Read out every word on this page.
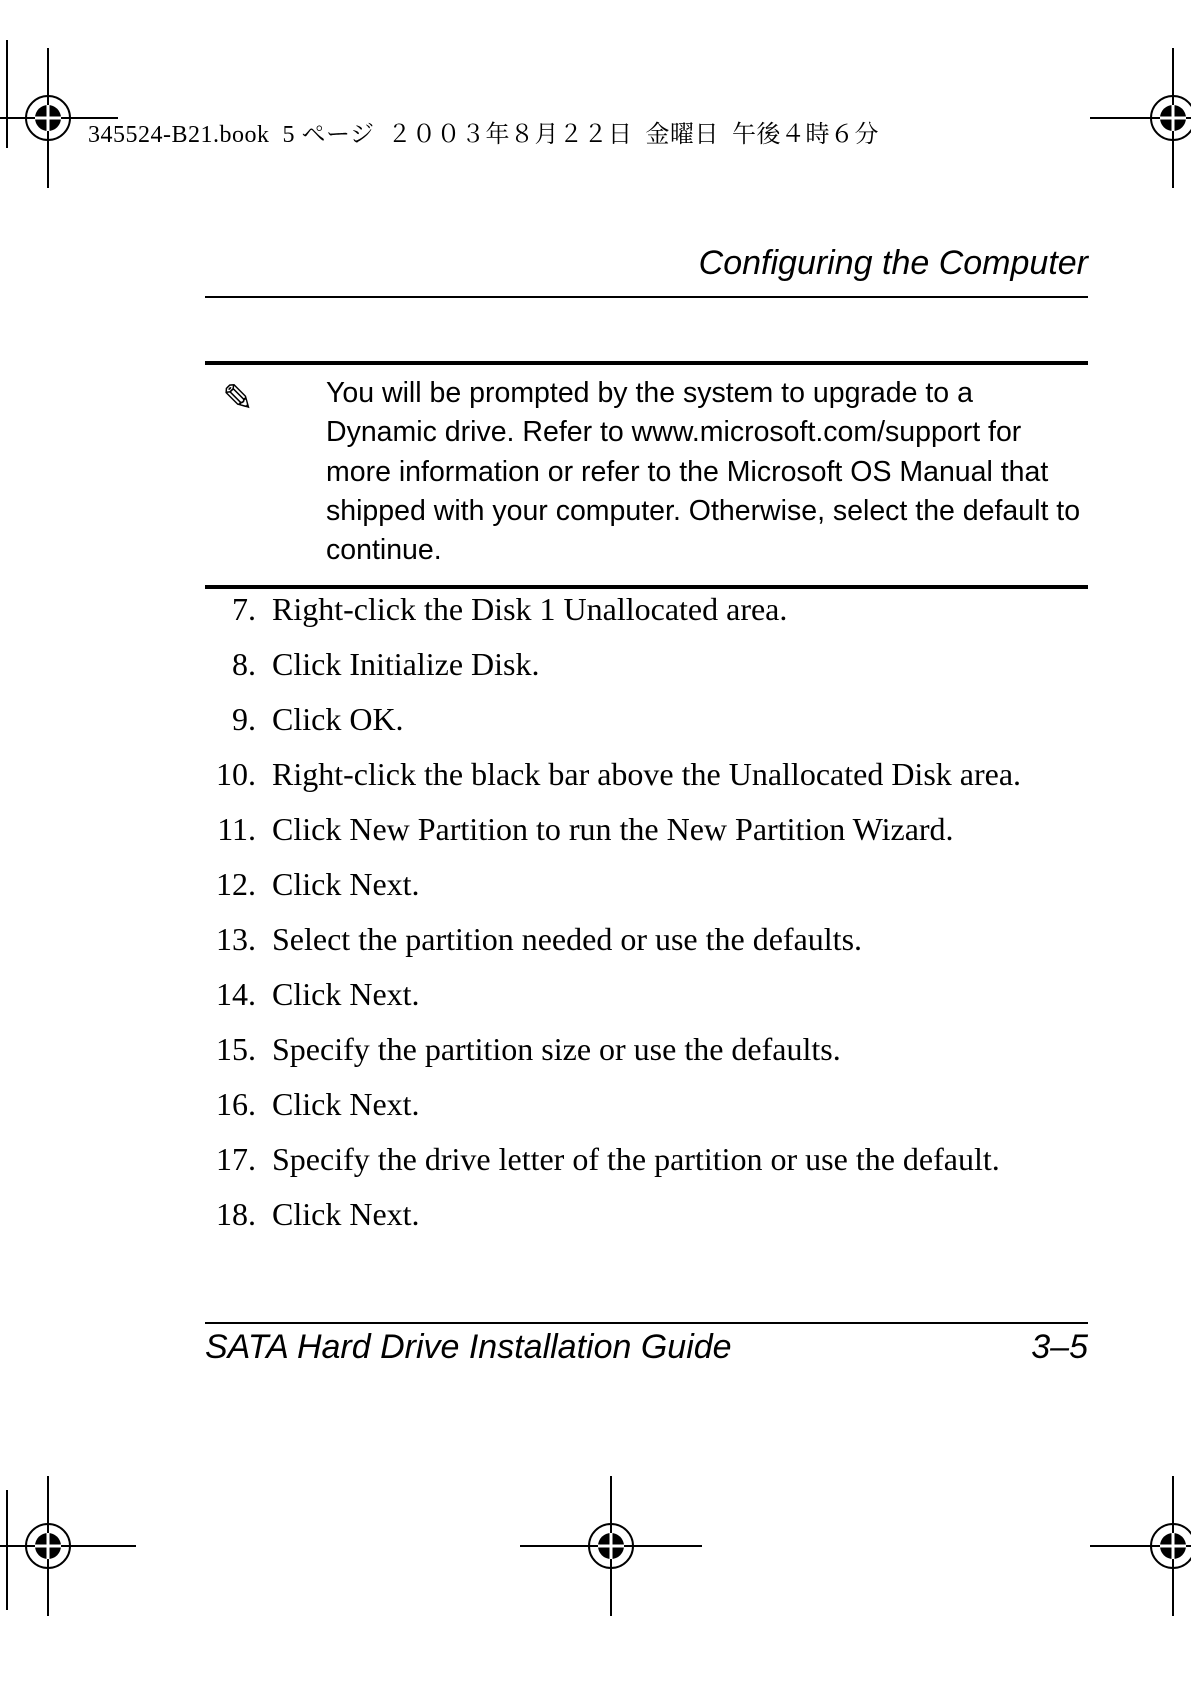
345524-B21.book  5 ページ  ２００３年８月２２日  金曜日  午後４時６分
Configuring the Computer
✎	You will be prompted by the system to upgrade to a Dynamic drive. Refer to www.microsoft.com/support for more information or refer to the Microsoft OS Manual that shipped with your computer. Otherwise, select the default to continue.
7. Right-click the Disk 1 Unallocated area.
8. Click Initialize Disk.
9. Click OK.
10. Right-click the black bar above the Unallocated Disk area.
11. Click New Partition to run the New Partition Wizard.
12. Click Next.
13. Select the partition needed or use the defaults.
14. Click Next.
15. Specify the partition size or use the defaults.
16. Click Next.
17. Specify the drive letter of the partition or use the default.
18. Click Next.
SATA Hard Drive Installation Guide	3–5
